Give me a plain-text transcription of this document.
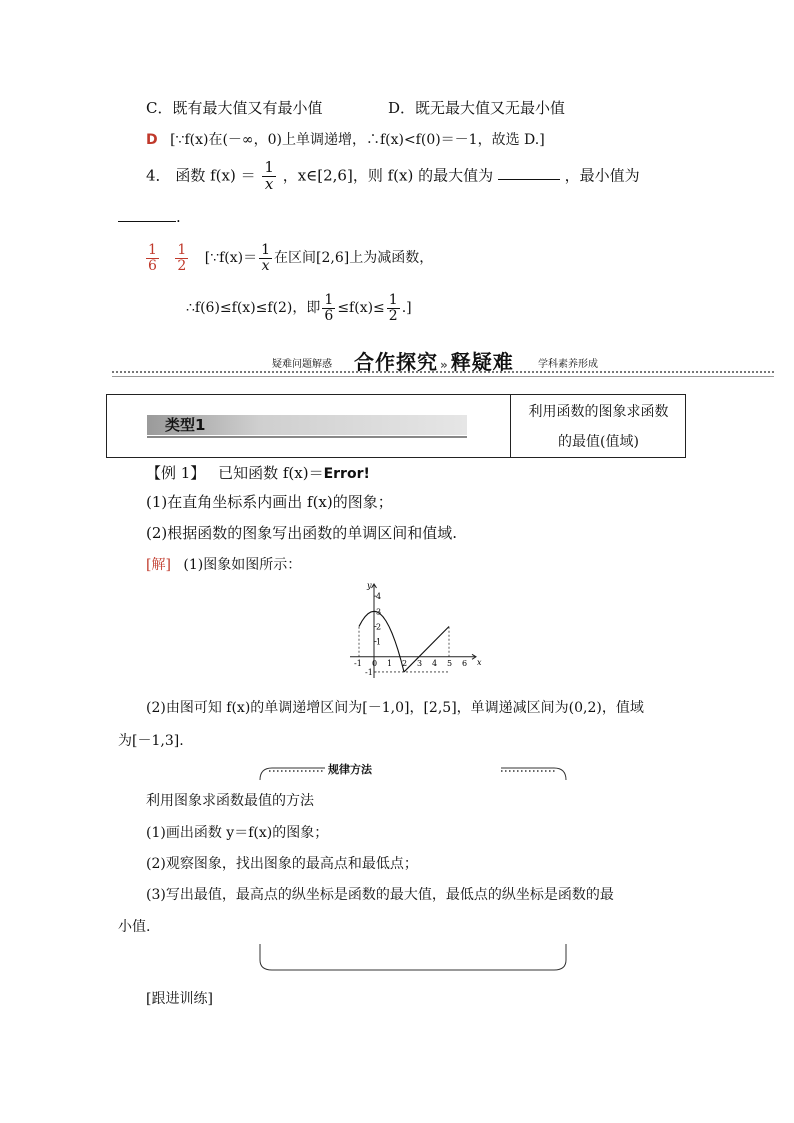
C．既有最大值又有最小值	D．既无最大值又无最小值
D [∵f(x)在(－∞，0)上单调递增，∴f(x)<f(0)＝－1，故选 D.]
4． 函数 $f(x) = \frac{1}{x}$ ，x∈[2,6]，则 f(x) 的最大值为	，最小值为
.
$\frac{1}{6}$
$\frac{1}{2}$ [∵f(x)＝ $\frac{1}{x}$ 在区间[2,6]上为减函数，
∴f(6)≤f(x)≤f(2)，即 $\frac{1}{6} \le f(x)\le \frac{1}{2}$ .]
疑难问题解惑 合作探究 » 释疑难 学科素养形成
类型1
利用函数的图象求函数
的最值(值域)
【例 1】 已知函数 f(x)＝Error!
(1)在直角坐标系内画出 f(x)的图象；
(2)根据函数的图象写出函数的单调区间和值域.
[解] (1)图象如图所示：
x
y
-1 0 1 2 3 4 5 6
4
3
2
1
-1
(2)由图可知 f(x)的单调递增区间为[－1,0]，[2,5]，单调递减区间为(0,2)，值域
为[－1,3].
规律方法
利用图象求函数最值的方法
(1)画出函数 y＝f(x)的图象；
(2)观察图象，找出图象的最高点和最低点；
(3)写出最值，最高点的纵坐标是函数的最大值，最低点的纵坐标是函数的最
小值.
[跟进训练]
